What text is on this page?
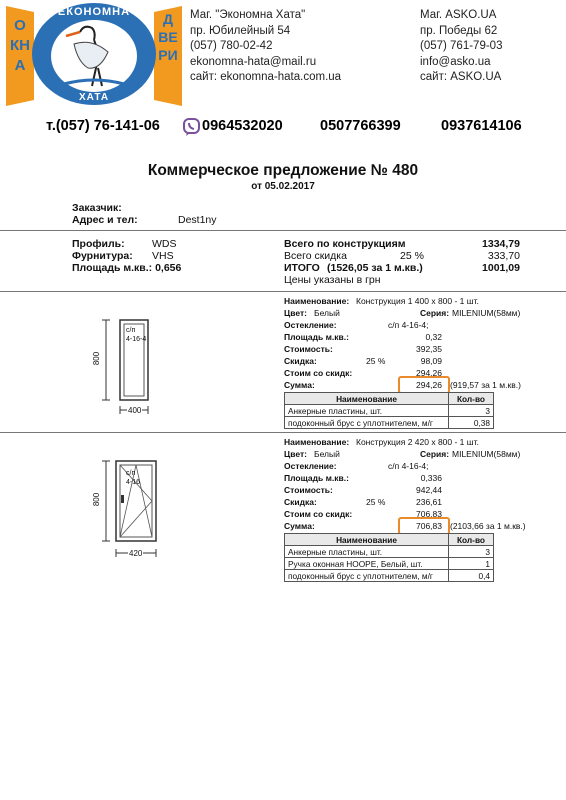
ОКНА
ДВЕРИ
ЕКОНОМНА
ХАТА
Маг. "Экономна Хата"
пр. Юбилейный 54
(057) 780-02-42
ekonomna-hata@mail.ru
сайт: ekonomna-hata.com.ua
Маг. ASKO.UA
пр. Победы 62
(057) 761-79-03
info@asko.ua
сайт: ASKO.UA
т.(057) 76-141-06	0964532020	0507766399	0937614106
Коммерческое предложение № 480
от 05.02.2017
Заказчик:
Адрес и тел:	Dest1ny
Профиль:	WDS
Фурнитура: VHS
Площадь м.кв.: 0,656
Всего по конструкциям	1334,79
Всего скидка	25 %	333,70
ИТОГО (1526,05 за 1 м.кв.)	1001,09
Цены указаны в грн
с/п
4-16-4
800
400
Наименование: Конструкция 1 400 х 800 - 1 шт.
Цвет: Белый	Серия: MILENIUM(58мм)
Остекление:	с/п 4-16-4;
Площадь м.кв.:	0,32
Стоимость:	392,35
Скидка:	25 %	98,09
Стоим со скидк:	294,26
Сумма:	294,26 (919,57 за 1 м.кв.)
Наименование	Кол-во
Анкерные пластины, шт.	3
подоконный брус с уплотнителем, м/г	0,38
с/п
4-16
800
420
Наименование: Конструкция 2 420 х 800 - 1 шт.
Цвет: Белый	Серия: MILENIUM(58мм)
Остекление:	с/п 4-16-4;
Площадь м.кв.:	0,336
Стоимость:	942,44
Скидка:	25 %	236,61
Стоим со скидк:	706,83
Сумма:	706,83 (2103,66 за 1 м.кв.)
Наименование	Кол-во
Анкерные пластины, шт.	3
Ручка оконная HOOPE, Белый, шт.	1
подоконный брус с уплотнителем, м/г	0,4
